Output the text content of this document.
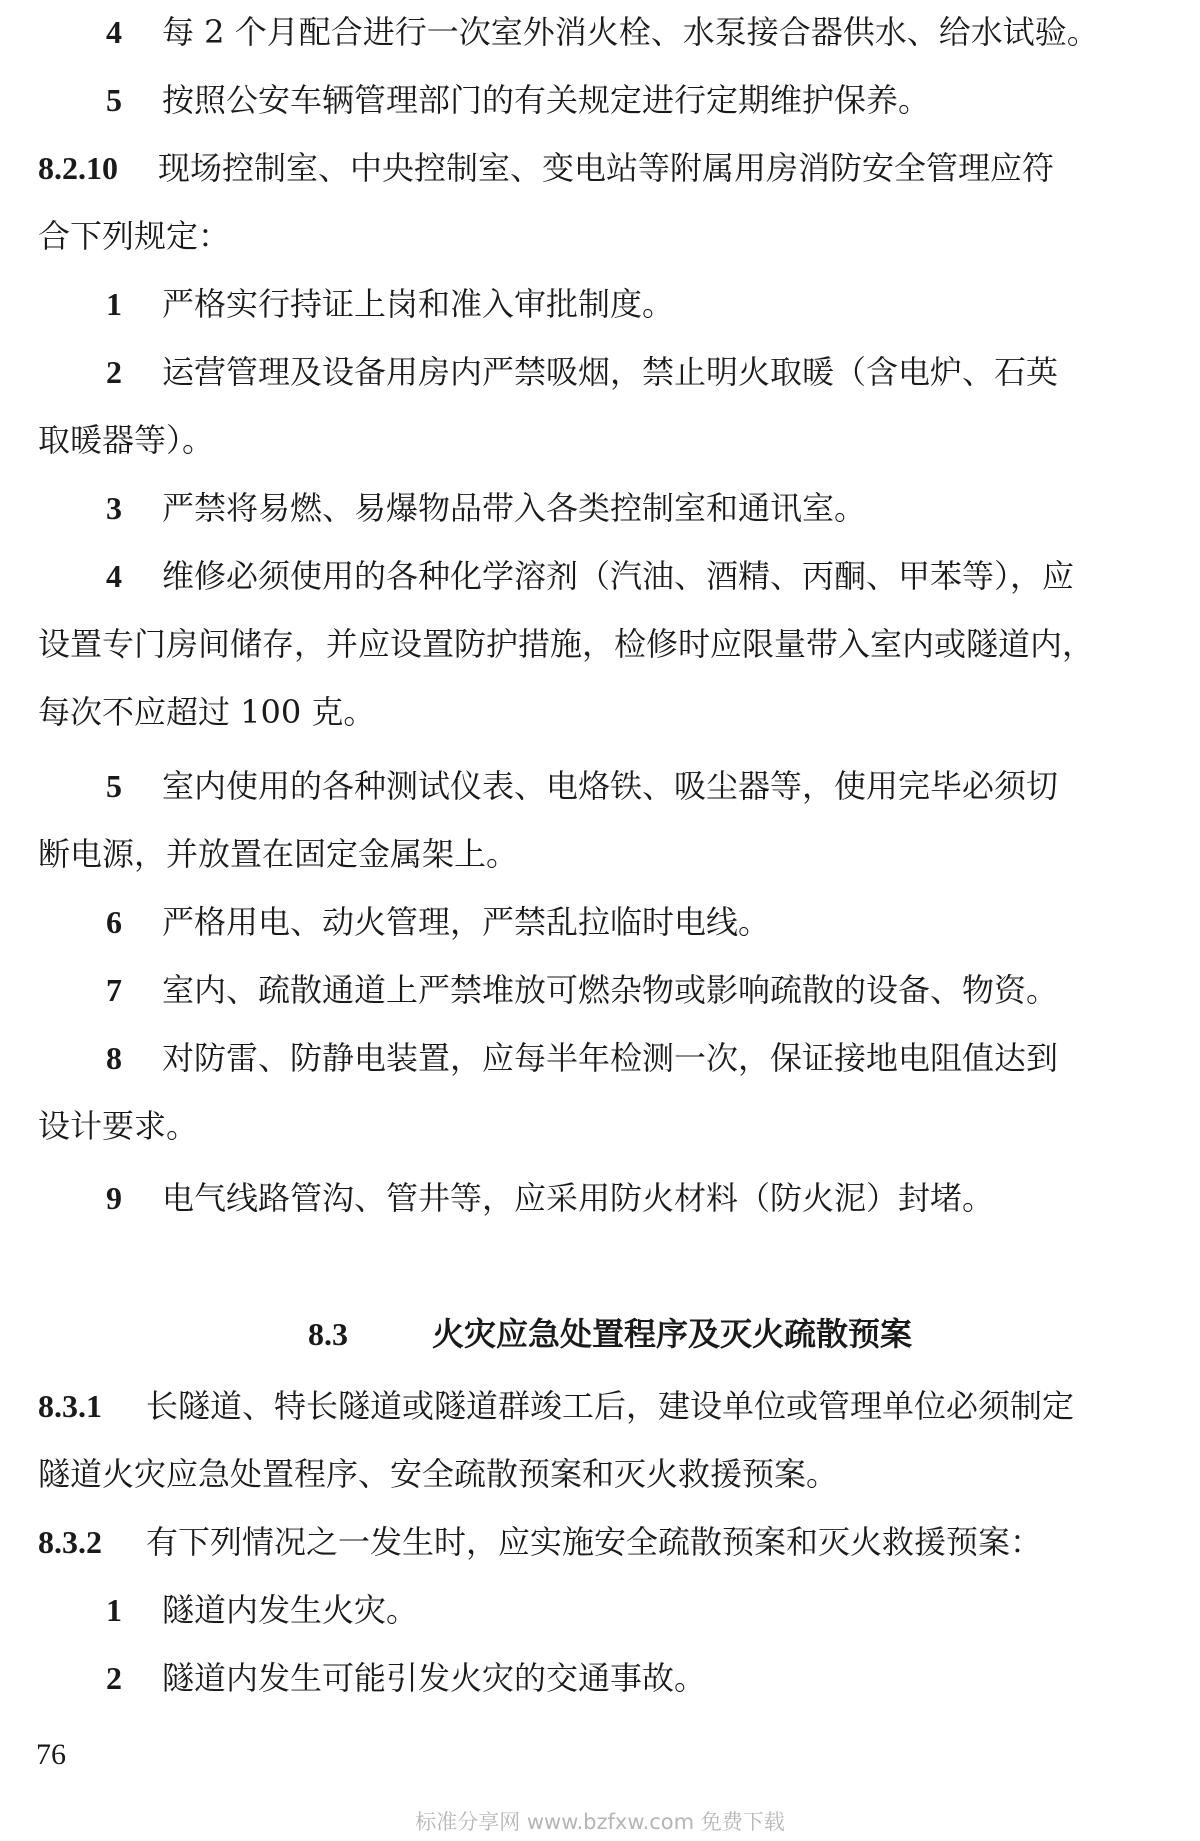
4 每 2 个月配合进行一次室外消火栓、水泵接合器供水、给水试验。
5 按照公安车辆管理部门的有关规定进行定期维护保养。
8.2.10 现场控制室、中央控制室、变电站等附属用房消防安全管理应符
合下列规定：
1 严格实行持证上岗和准入审批制度。
2 运营管理及设备用房内严禁吸烟，禁止明火取暖（含电炉、石英
取暖器等）。
3 严禁将易燃、易爆物品带入各类控制室和通讯室。
4 维修必须使用的各种化学溶剂（汽油、酒精、丙酮、甲苯等），应
设置专门房间储存，并应设置防护措施，检修时应限量带入室内或隧道内，
每次不应超过 100 克。
5 室内使用的各种测试仪表、电烙铁、吸尘器等，使用完毕必须切
断电源，并放置在固定金属架上。
6 严格用电、动火管理，严禁乱拉临时电线。
7 室内、疏散通道上严禁堆放可燃杂物或影响疏散的设备、物资。
8 对防雷、防静电装置，应每半年检测一次，保证接地电阻值达到
设计要求。
9 电气线路管沟、管井等，应采用防火材料（防火泥）封堵。
8.3	火灾应急处置程序及灭火疏散预案
8.3.1 长隧道、特长隧道或隧道群竣工后，建设单位或管理单位必须制定
隧道火灾应急处置程序、安全疏散预案和灭火救援预案。
8.3.2 有下列情况之一发生时，应实施安全疏散预案和灭火救援预案：
1 隧道内发生火灾。
2 隧道内发生可能引发火灾的交通事故。
76
标准分享网 www.bzfxw.com 免费下载
